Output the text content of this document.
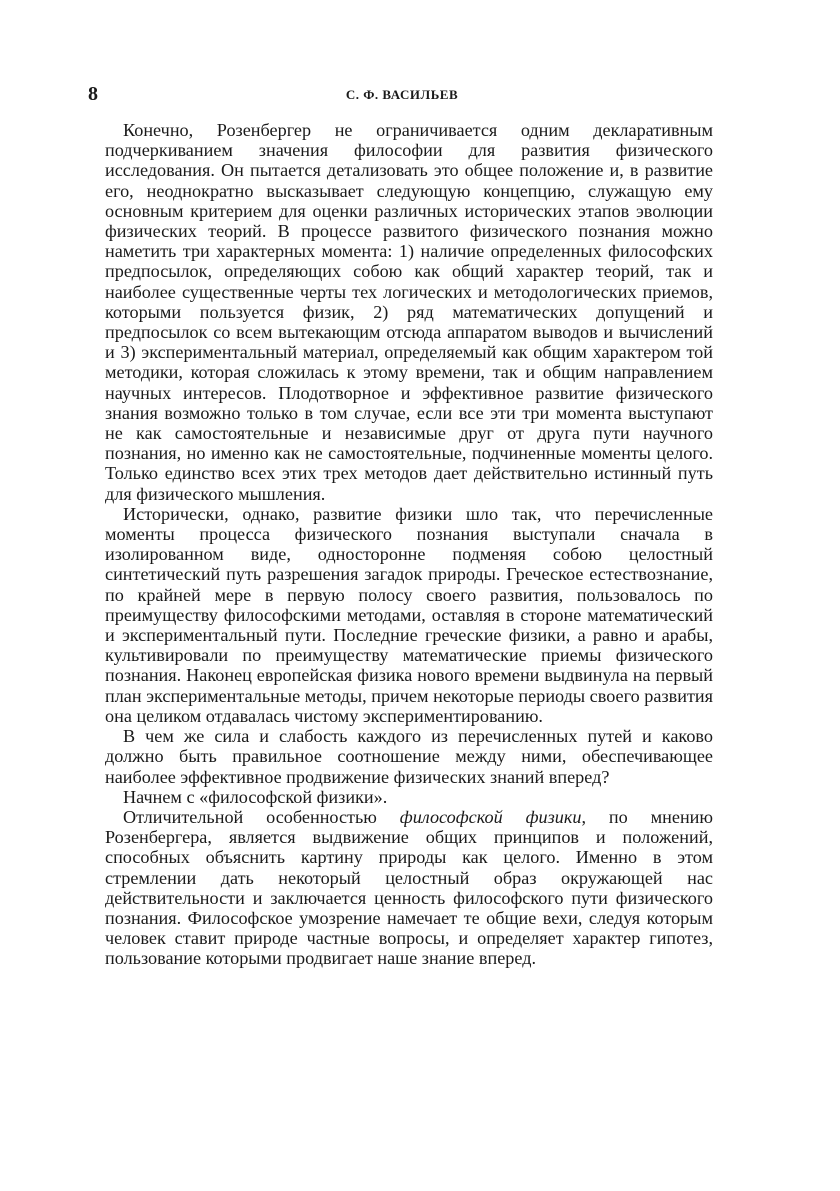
8	С. Ф. ВАСИЛЬЕВ

Конечно, Розенбергер не ограничивается одним декларативным подчеркиванием значения философии для развития физического исследования. Он пытается детализовать это общее положение и, в развитие его, неоднократно высказывает следующую концепцию, служащую ему основным критерием для оценки различных исторических этапов эволюции физических теорий. В процессе развитого физического познания можно наметить три характерных момента: 1) наличие определенных философских предпосылок, определяющих собою как общий характер теорий, так и наиболее существенные черты тех логических и методологических приемов, которыми пользуется физик, 2) ряд математических допущений и предпосылок со всем вытекающим отсюда аппаратом выводов и вычислений и 3) экспериментальный материал, определяемый как общим характером той методики, которая сложилась к этому времени, так и общим направлением научных интересов. Плодотворное и эффективное развитие физического знания возможно только в том случае, если все эти три момента выступают не как самостоятельные и независимые друг от друга пути научного познания, но именно как не самостоятельные, подчиненные моменты целого. Только единство всех этих трех методов дает действительно истинный путь для физического мышления.

Исторически, однако, развитие физики шло так, что перечисленные моменты процесса физического познания выступали сначала в изолированном виде, односторонне подменяя собою целостный синтетический путь разрешения загадок природы. Греческое естествознание, по крайней мере в первую полосу своего развития, пользовалось по преимуществу философскими методами, оставляя в стороне математический и экспериментальный пути. Последние греческие физики, а равно и арабы, культивировали по преимуществу математические приемы физического познания. Наконец европейская физика нового времени выдвинула на первый план экспериментальные методы, причем некоторые периоды своего развития она целиком отдавалась чистому экспериментированию.

В чем же сила и слабость каждого из перечисленных путей и каково должно быть правильное соотношение между ними, обеспечивающее наиболее эффективное продвижение физических знаний вперед?

Начнем с «философской физики».

Отличительной особенностью философской физики, по мнению Розенбергера, является выдвижение общих принципов и положений, способных объяснить картину природы как целого. Именно в этом стремлении дать некоторый целостный образ окружающей нас действительности и заключается ценность философского пути физического познания. Философское умозрение намечает те общие вехи, следуя которым человек ставит природе частные вопросы, и определяет характер гипотез, пользование которыми продвигает наше знание вперед.
